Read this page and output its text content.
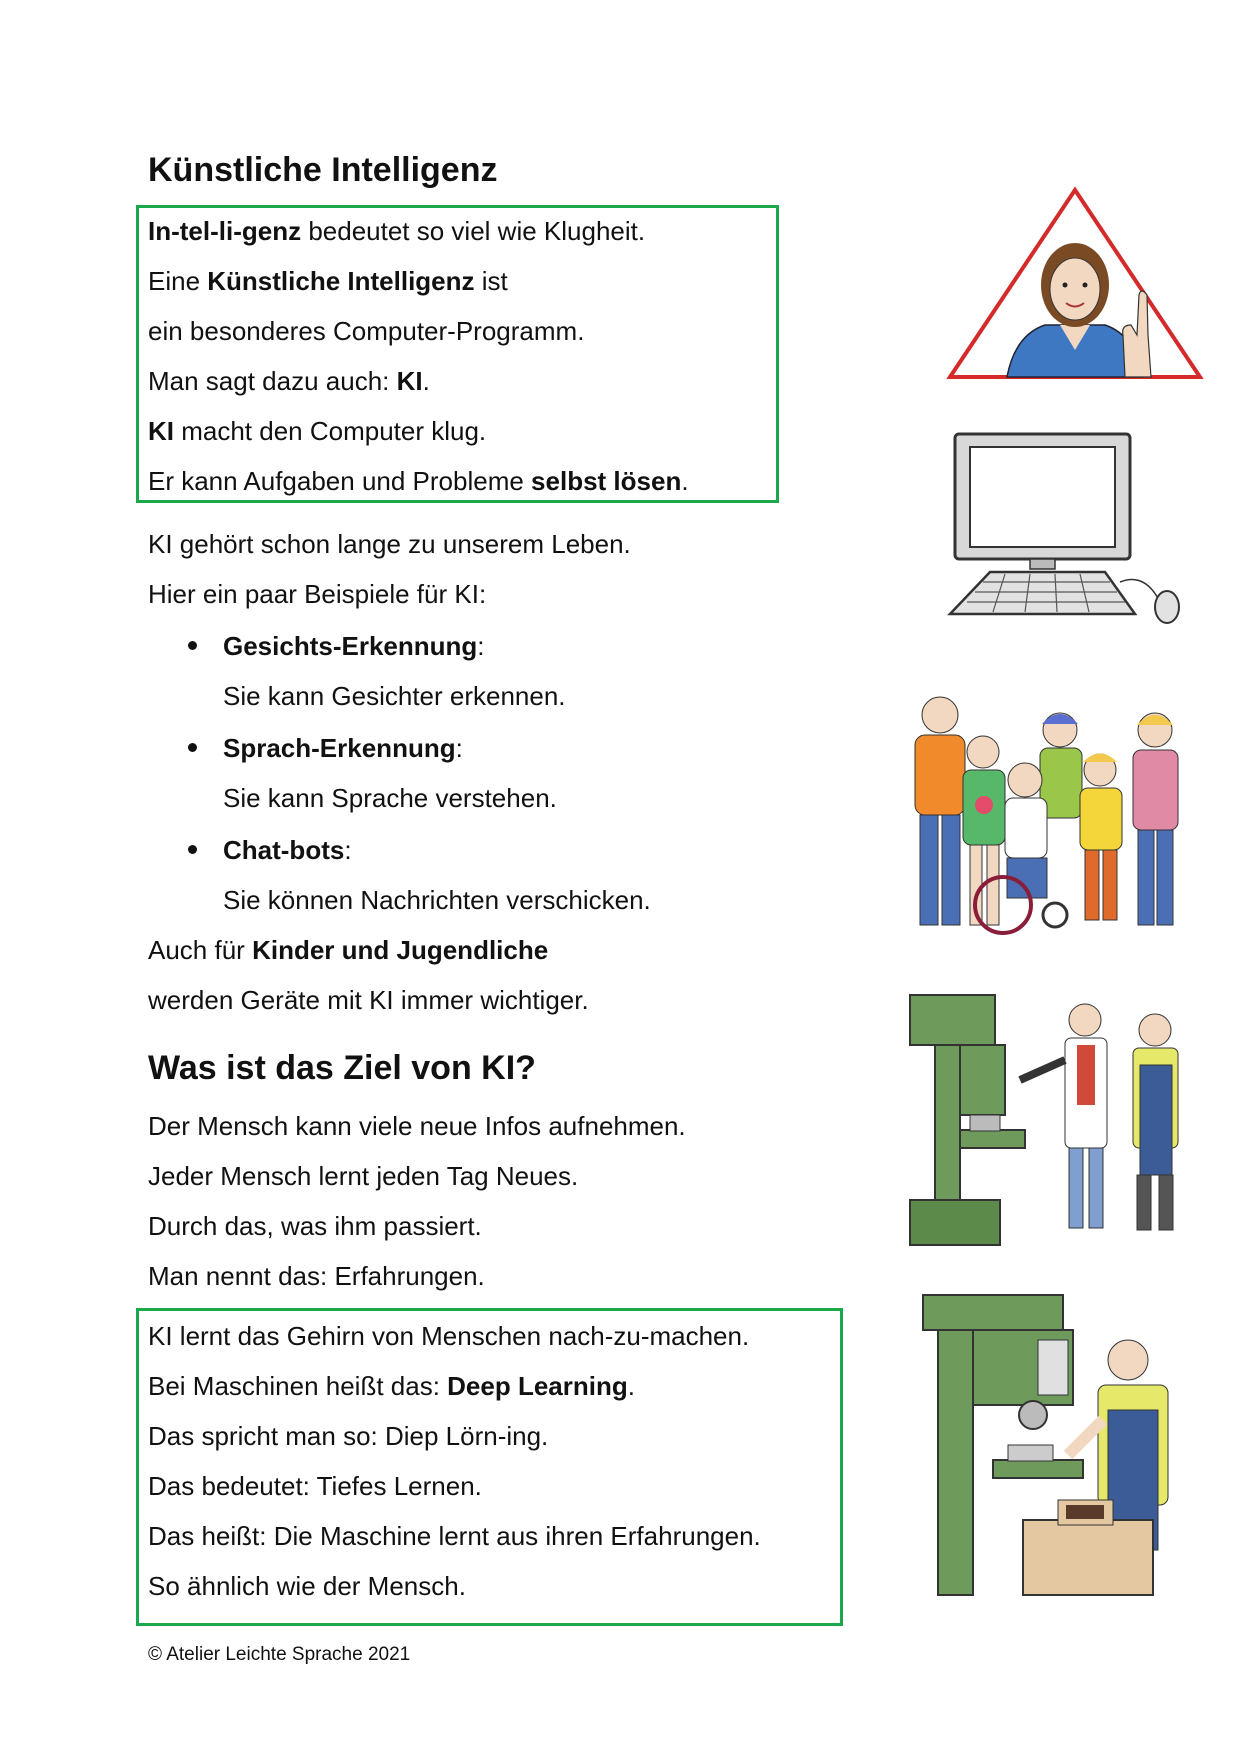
Künstliche Intelligenz
In-tel-li-genz bedeutet so viel wie Klugheit.
Eine Künstliche Intelligenz ist
ein besonderes Computer-Programm.
Man sagt dazu auch: KI.
KI macht den Computer klug.
Er kann Aufgaben und Probleme selbst lösen.
KI gehört schon lange zu unserem Leben.
Hier ein paar Beispiele für KI:
Gesichts-Erkennung:
Sie kann Gesichter erkennen.
Sprach-Erkennung:
Sie kann Sprache verstehen.
Chat-bots:
Sie können Nachrichten verschicken.
Auch für Kinder und Jugendliche
werden Geräte mit KI immer wichtiger.
Was ist das Ziel von KI?
Der Mensch kann viele neue Infos aufnehmen.
Jeder Mensch lernt jeden Tag Neues.
Durch das, was ihm passiert.
Man nennt das: Erfahrungen.
KI lernt das Gehirn von Menschen nach-zu-machen.
Bei Maschinen heißt das: Deep Learning.
Das spricht man so: Diep Lörn-ing.
Das bedeutet: Tiefes Lernen.
Das heißt: Die Maschine lernt aus ihren Erfahrungen.
So ähnlich wie der Mensch.
© Atelier Leichte Sprache 2021
